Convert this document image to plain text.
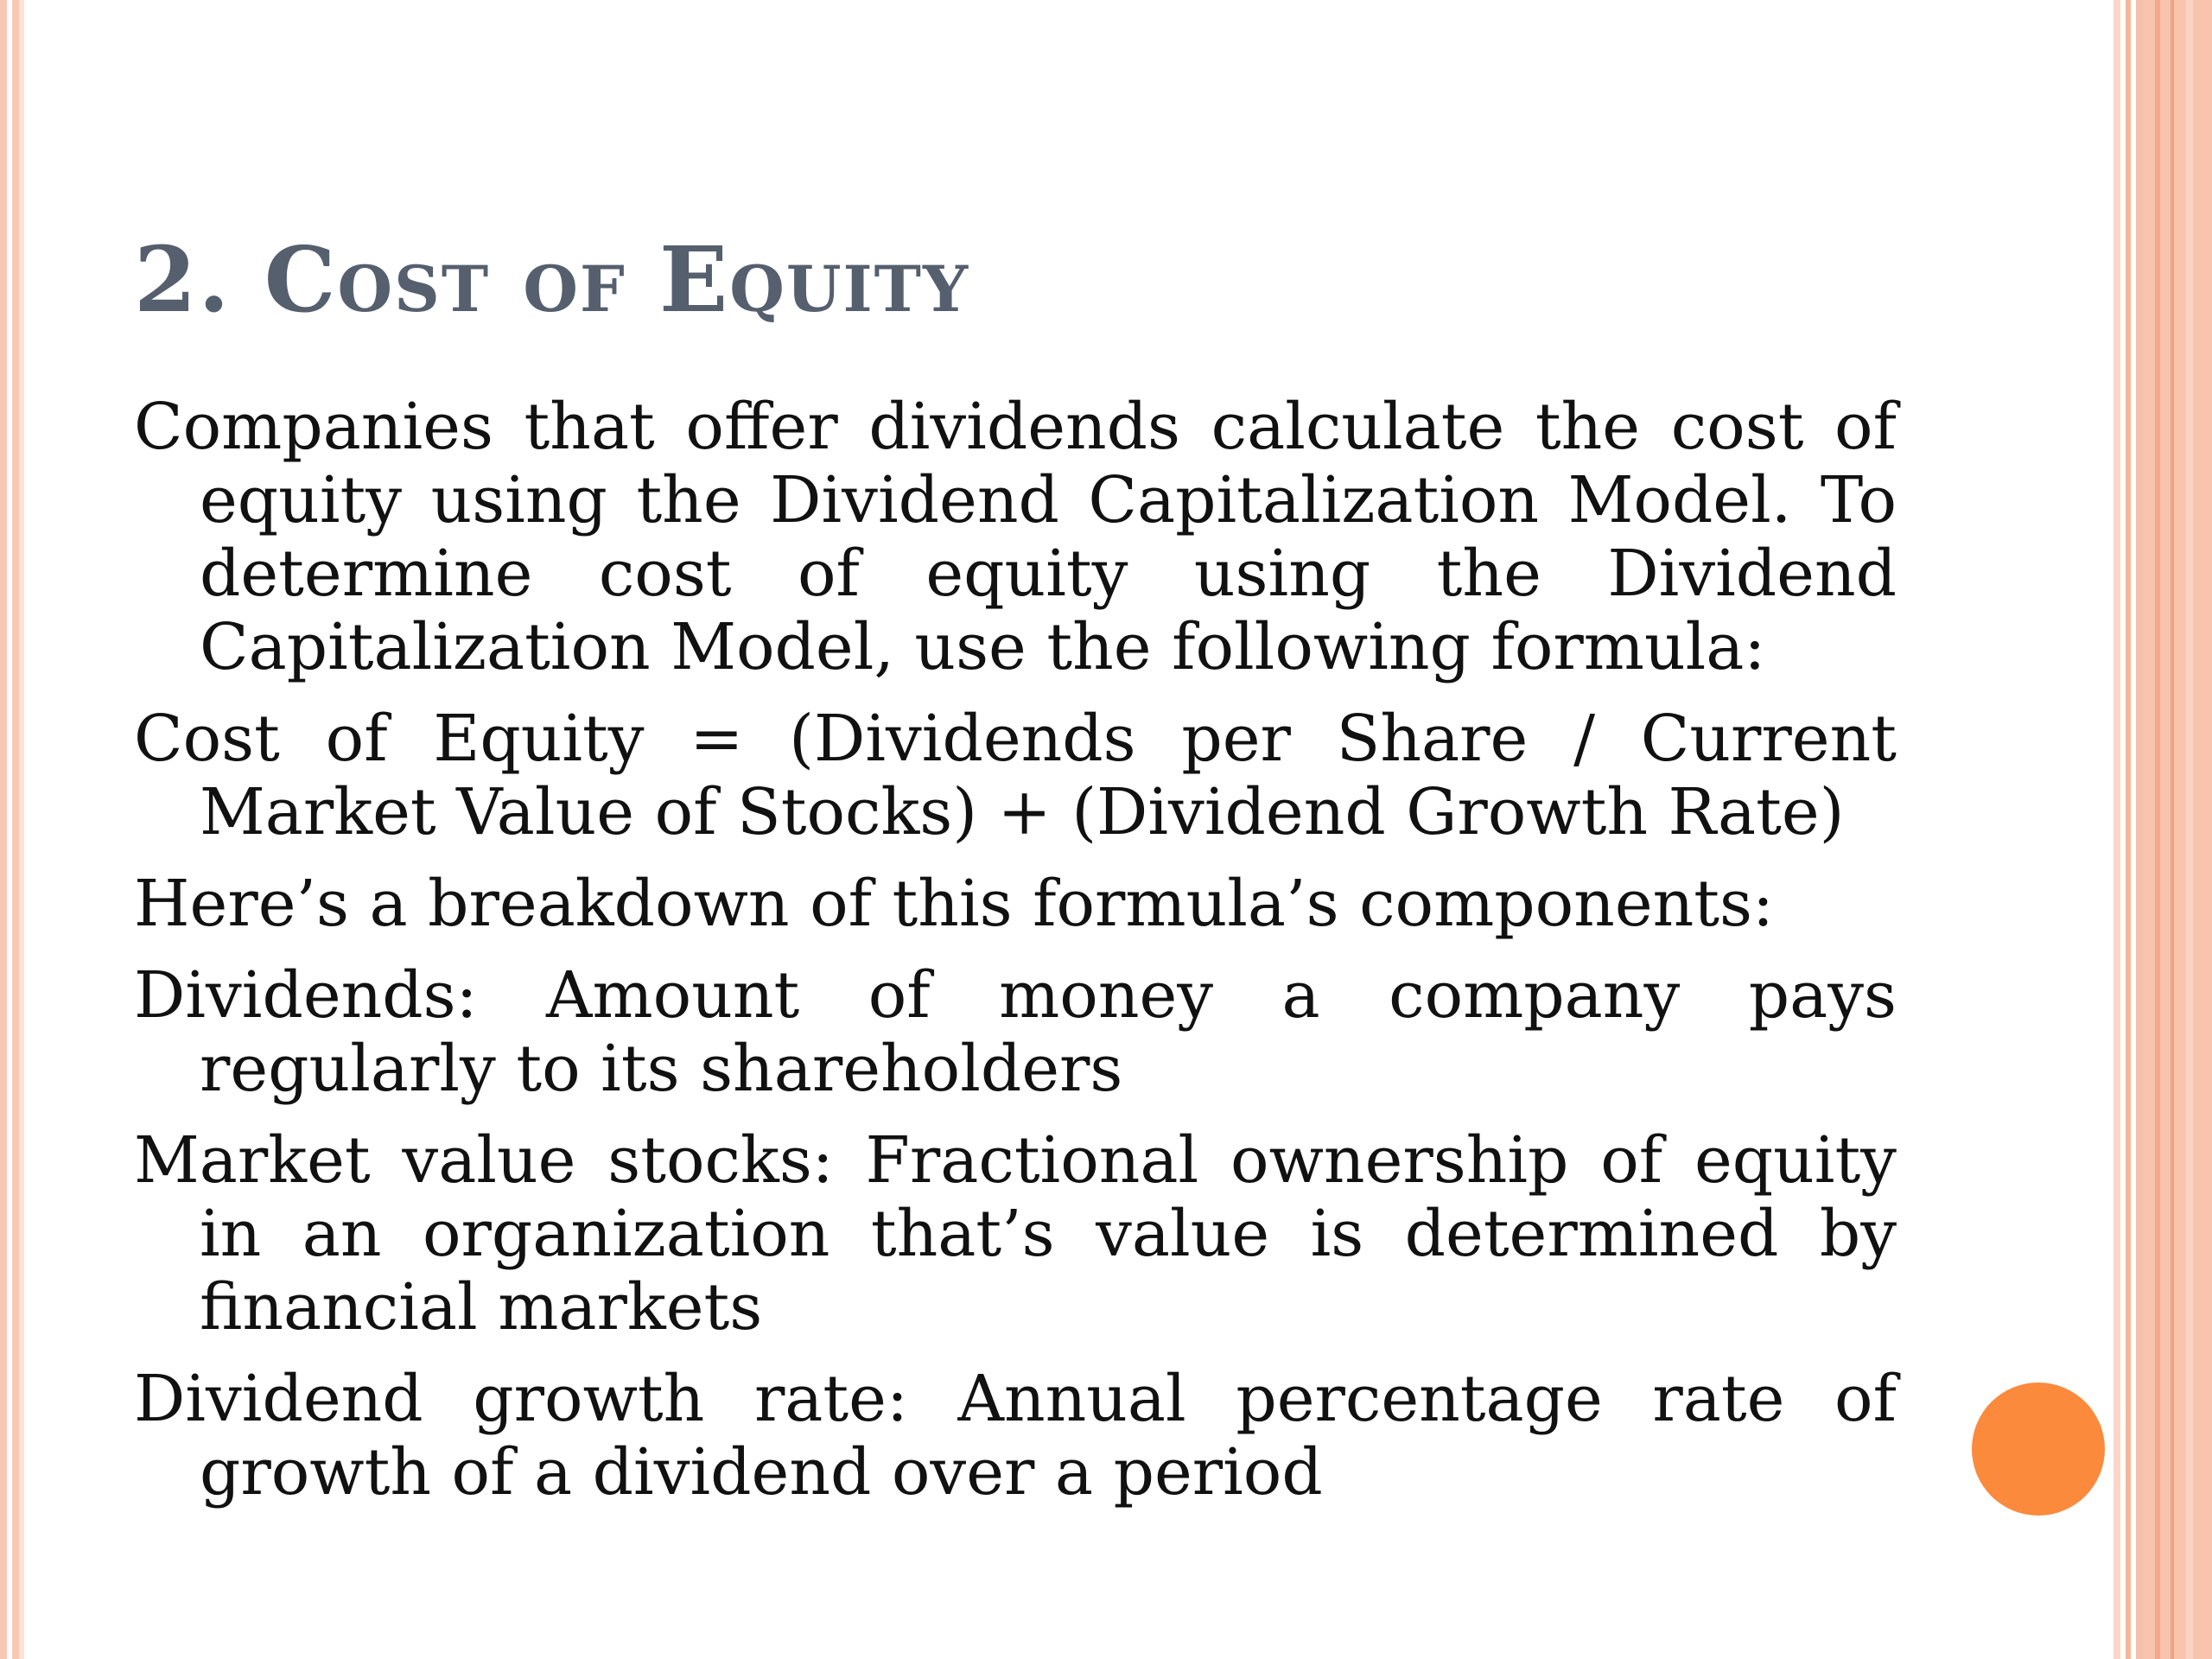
2. Cost of Equity

Companies that offer dividends calculate the cost of equity using the Dividend Capitalization Model. To determine cost of equity using the Dividend Capitalization Model, use the following formula:

Cost of Equity = (Dividends per Share / Current Market Value of Stocks) + (Dividend Growth Rate)

Here’s a breakdown of this formula’s components:

Dividends: Amount of money a company pays regularly to its shareholders

Market value stocks: Fractional ownership of equity in an organization that’s value is determined by financial markets

Dividend growth rate: Annual percentage rate of growth of a dividend over a period
